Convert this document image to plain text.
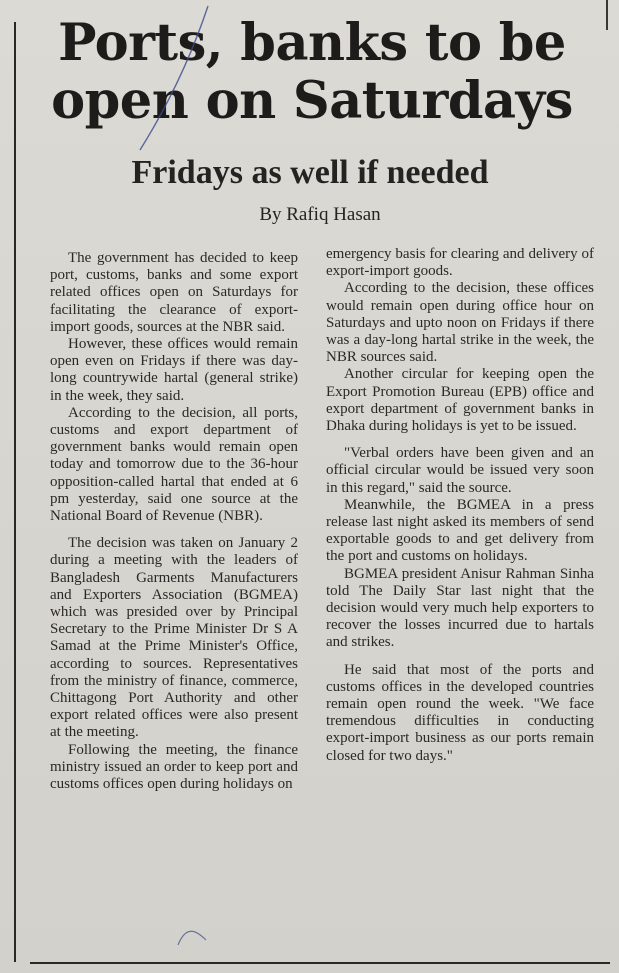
Ports, banks to be open on Saturdays
Fridays as well if needed
By Rafiq Hasan

The government has decided to keep port, customs, banks and some export related offices open on Saturdays for facilitating the clearance of export-import goods, sources at the NBR said.

However, these offices would remain open even on Fridays if there was day-long countrywide hartal (general strike) in the week, they said.

According to the decision, all ports, customs and export department of government banks would remain open today and tomorrow due to the 36-hour opposition-called hartal that ended at 6 pm yesterday, said one source at the National Board of Revenue (NBR).

The decision was taken on January 2 during a meeting with the leaders of Bangladesh Garments Manufacturers and Exporters Association (BGMEA) which was presided over by Principal Secretary to the Prime Minister Dr S A Samad at the Prime Minister's Office, according to sources. Representatives from the ministry of finance, commerce, Chittagong Port Authority and other export related offices were also present at the meeting.

Following the meeting, the finance ministry issued an order to keep port and customs offices open during holidays on

emergency basis for clearing and delivery of export-import goods.

According to the decision, these offices would remain open during office hour on Saturdays and upto noon on Fridays if there was a day-long hartal strike in the week, the NBR sources said.

Another circular for keeping open the Export Promotion Bureau (EPB) office and export department of government banks in Dhaka during holidays is yet to be issued.

"Verbal orders have been given and an official circular would be issued very soon in this regard," said the source.

Meanwhile, the BGMEA in a press release last night asked its members of send exportable goods to and get delivery from the port and customs on holidays.

BGMEA president Anisur Rahman Sinha told The Daily Star last night that the decision would very much help exporters to recover the losses incurred due to hartals and strikes.

He said that most of the ports and customs offices in the developed countries remain open round the week. "We face tremendous difficulties in conducting export-import business as our ports remain closed for two days."
